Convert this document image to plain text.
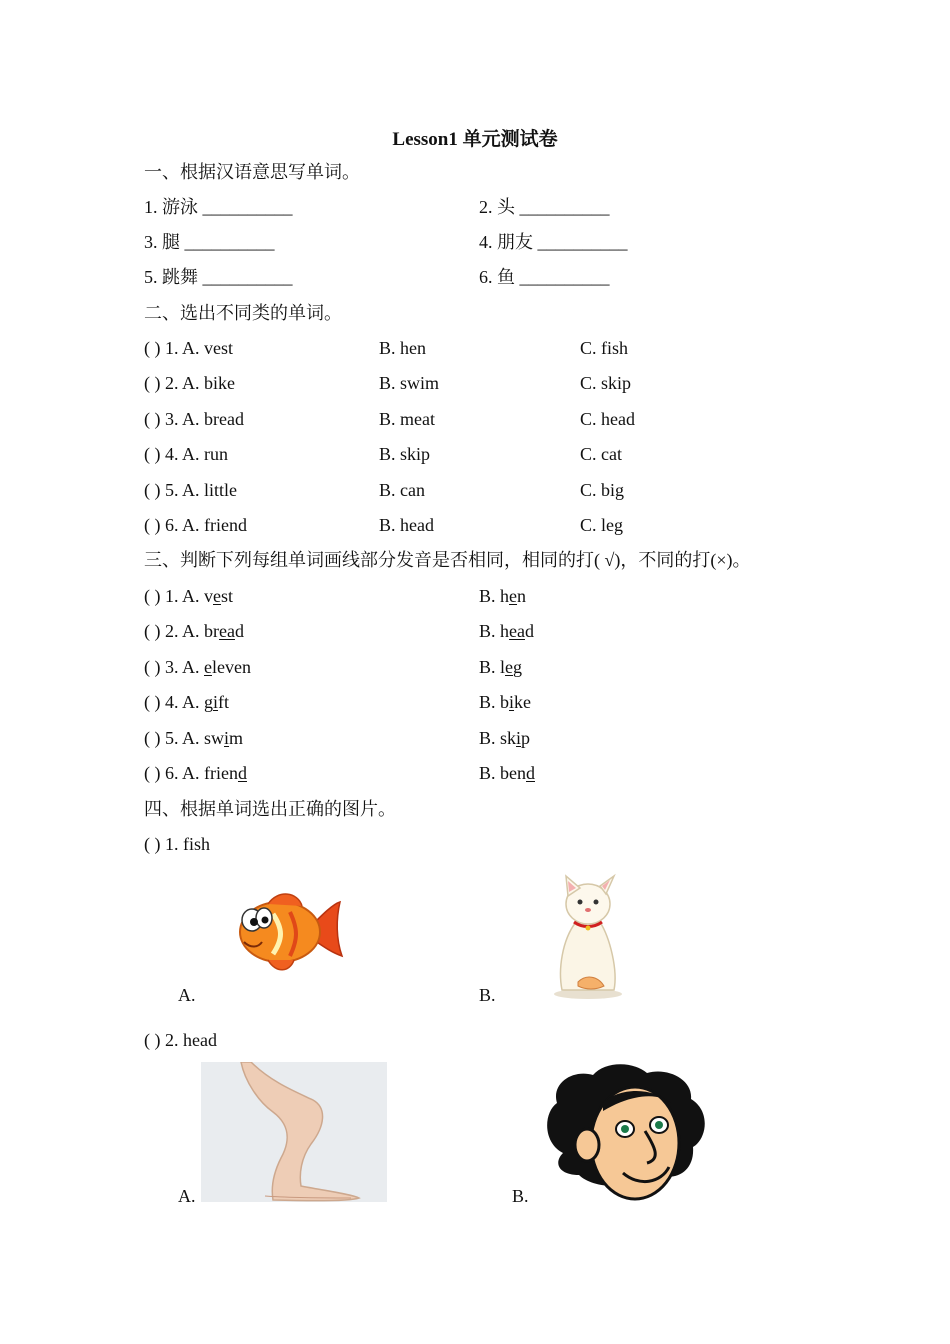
Lesson1 单元测试卷
一、根据汉语意思写单词。
1. 游泳 __________	2. 头 __________
3. 腿 __________	4. 朋友 __________
5. 跳舞 __________	6. 鱼 __________
二、选出不同类的单词。
( ) 1. A. vest	B. hen	C. fish
( ) 2. A. bike	B. swim	C. skip
( ) 3. A. bread	B. meat	C. head
( ) 4. A. run	B. skip	C. cat
( ) 5. A. little	B. can	C. big
( ) 6. A. friend	B. head	C. leg
三、判断下列每组单词画线部分发音是否相同，相同的打( √)，不同的打(×)。
( ) 1. A. vest	B. hen
( ) 2. A. bread	B. head
( ) 3. A. eleven	B. leg
( ) 4. A. gift	B. bike
( ) 5. A. swim	B. skip
( ) 6. A. friend	B. bend
四、根据单词选出正确的图片。
( ) 1. fish
A.	B.
( ) 2. head
A.	B.
